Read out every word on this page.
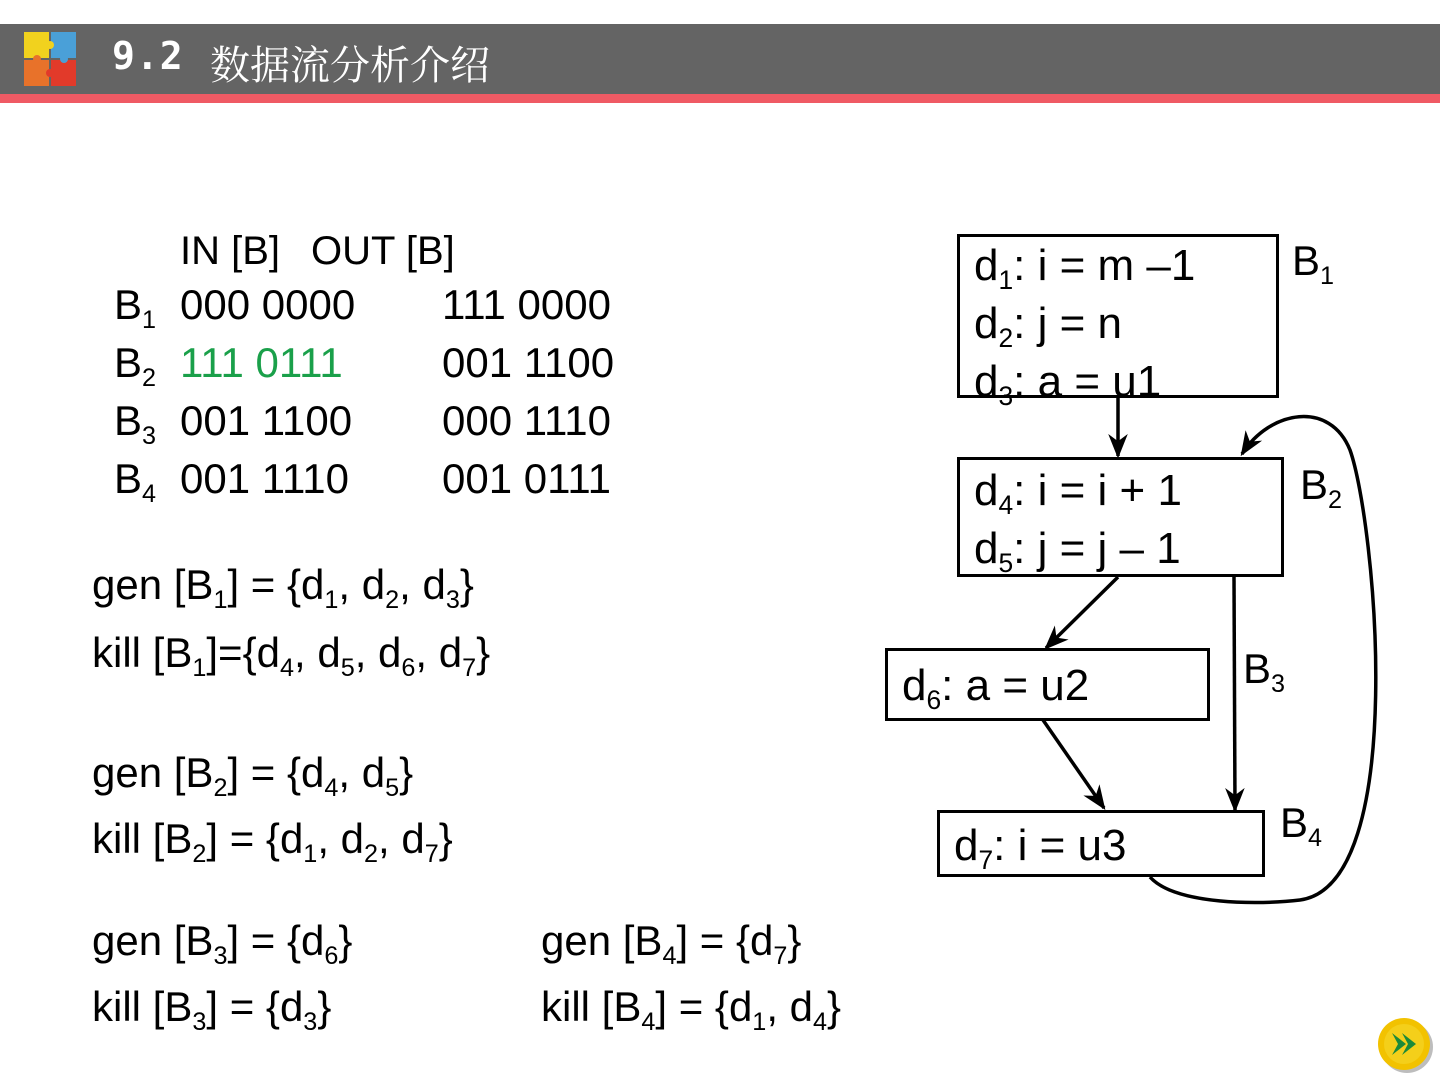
9.2 数据流分析介绍
IN [B] OUT [B]
$B_1$ 000 0000 111 0000
$B_2$ 111 0111 001 1100
$B_3$ 001 1100 000 1110
$B_4$ 001 1110 001 0111
gen $[B_1] = \{d_1$, $d_2$, $d_3$}
kill $[B_1]=\{d_4$, $d_5$, $d_6$, $d_7$}
gen $[B_2] = \{d_4$, $d_5$}
kill $[B_2] = \{d_1$, $d_2$, $d_7$}
gen $[B_3] = \{d_6\}$
kill $[B_3] = \{d_3\}$
gen $[B_4] = \{d_7\}$
kill $[B_4] = \{d_1$, $d_4$}
$d_1$: i = m –1
$d_2$: j = n
$d_3$: a = u1
$B_1$
$d_4$: i = i + 1
$d_5$: j = j – 1
$B_2$
$d_6$: a = u2	$B_3$
$d_7$: i = u3	$B_4$
